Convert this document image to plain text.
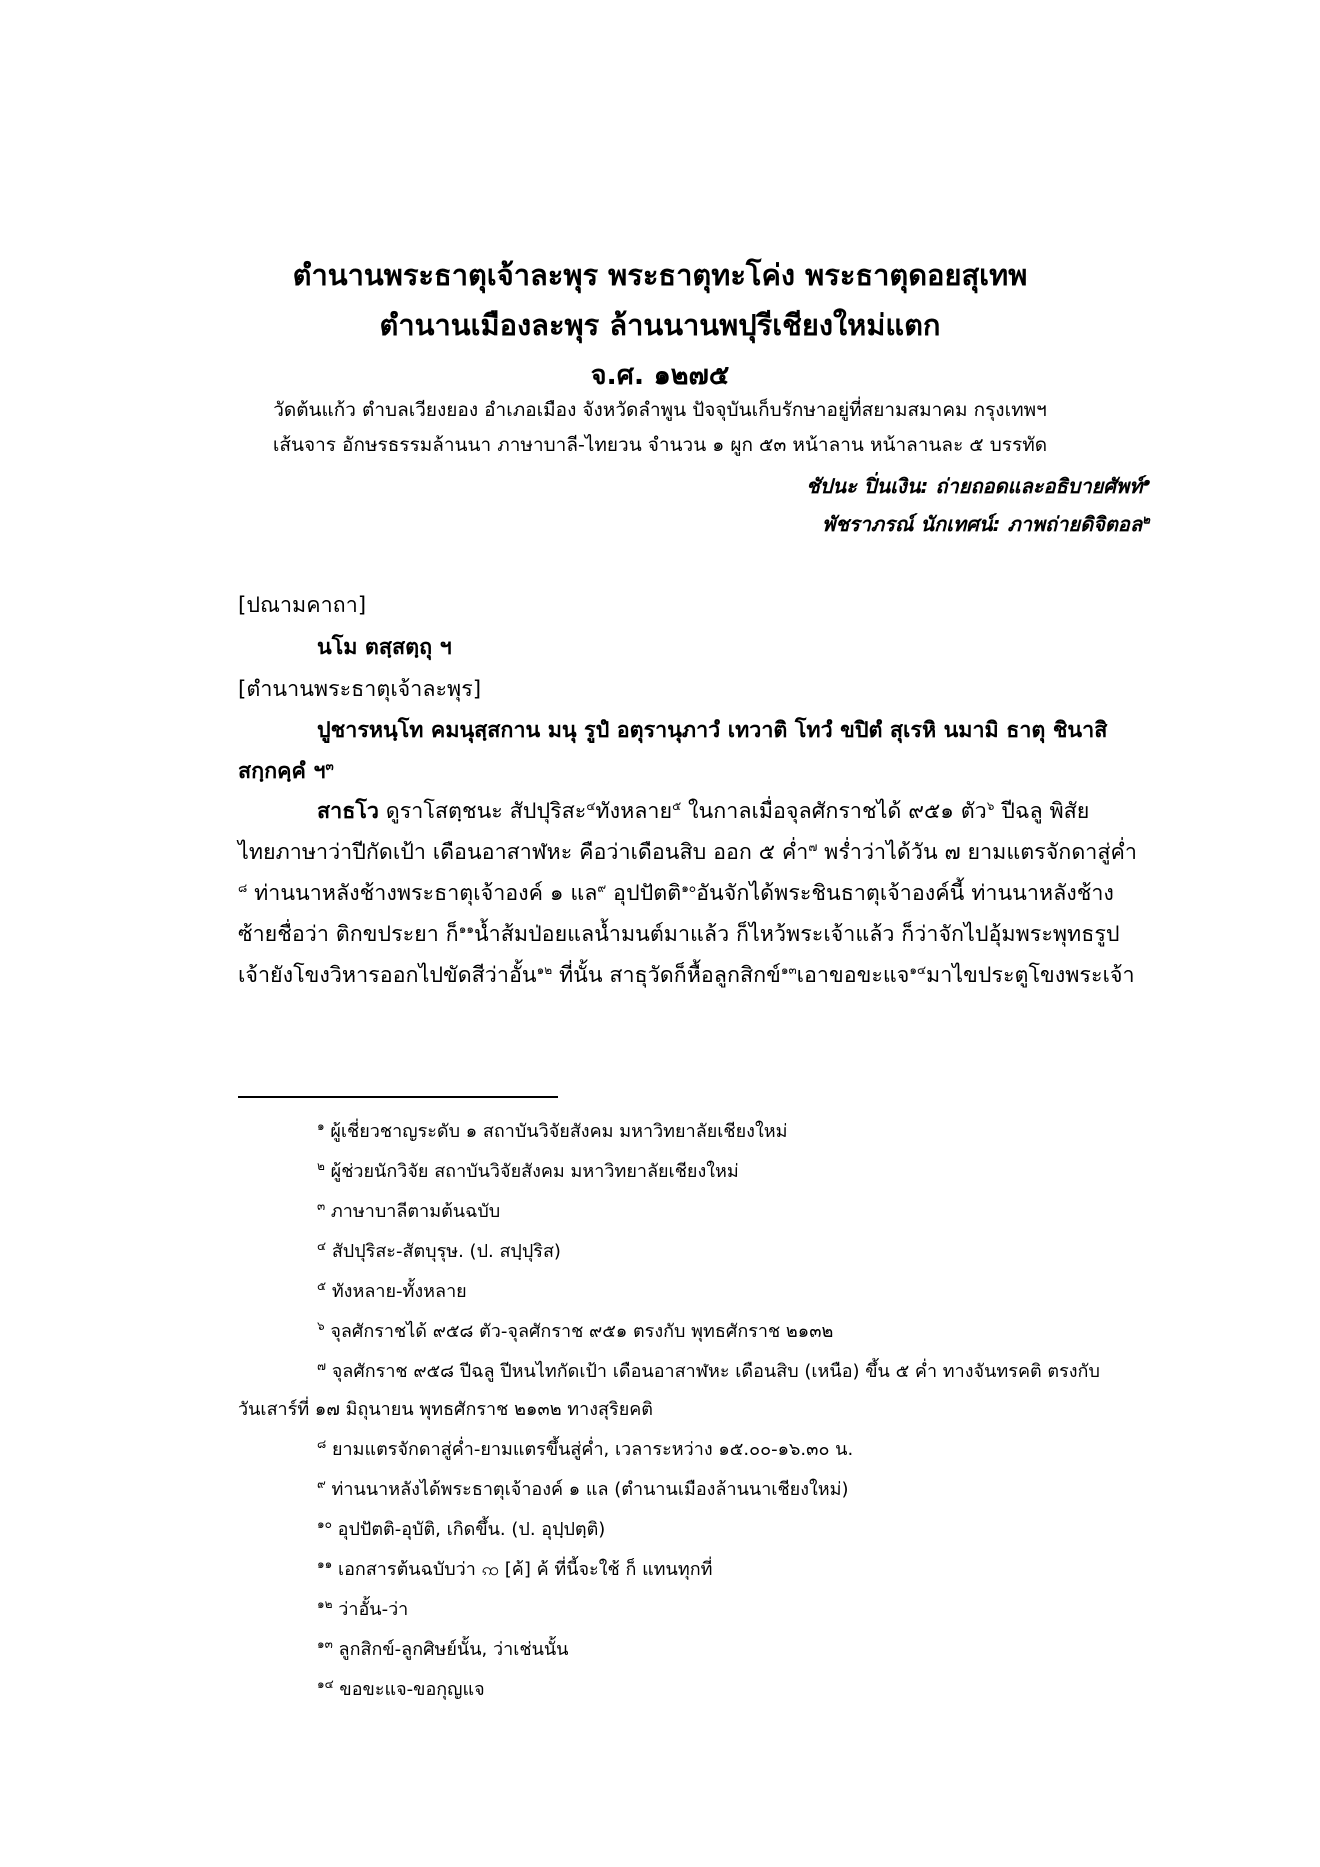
ตำนานพระธาตุเจ้าละพุร พระธาตุทะโค่ง พระธาตุดอยสุเทพ
ตำนานเมืองละพุร ล้านนานพปุรีเชียงใหม่แตก
จ.ศ. ๑๒๗๕
วัดต้นแก้ว ตำบลเวียงยอง อำเภอเมือง จังหวัดลำพูน ปัจจุบันเก็บรักษาอยู่ที่สยามสมาคม กรุงเทพฯ
เส้นจาร อักษรธรรมล้านนา ภาษาบาลี-ไทยวน จำนวน ๑ ผูก ๕๓ หน้าลาน หน้าลานละ ๕ บรรทัด
ชัปนะ ปิ่นเงิน: ถ่ายถอดและอธิบายศัพท์$^๑$
พัชราภรณ์ นักเทศน์: ภาพถ่ายดิจิตอล$^๒$
[ปณามคาถา]
นโม ตสฺสตฺถุ ฯ
[ตำนานพระธาตุเจ้าละพุร]
ปูชารหนฺโท คมนุสฺสกาน มนุ รูปํ อตุรานุภาวํ เทวาติ โทวํ ขปิตํ สุเรหิ นมามิ ธาตุ ชินาสิ
สกฺกคฺคํ ฯ$^๓$
สาธโว ดูราโสตฺชนะ สัปปุริสะ$^๔$ทังหลาย$^๕$ ในกาลเมื่อจุลศักราชได้ ๙๕๑ ตัว$^๖$ ปีฉลู พิสัย
ไทยภาษาว่าปีกัดเป้า เดือนอาสาฬหะ คือว่าเดือนสิบ ออก ๕ ค่ำ$^๗$ พร่ำว่าได้วัน ๗ ยามแตรจักดาสู่ค่ำ
$^๘$ ท่านนาหลังช้างพระธาตุเจ้าองค์ ๑ แล$^๙$ อุปปัตติ$^{๑๐}$อันจักได้พระชินธาตุเจ้าองค์นี้ ท่านนาหลังช้าง
ซ้ายชื่อว่า ติกขประยา ก็$^{๑๑}$น้ำส้มป่อยแลน้ำมนต์มาแล้ว ก็ไหว้พระเจ้าแล้ว ก็ว่าจักไปอุ้มพระพุทธรูป
เจ้ายังโขงวิหารออกไปขัดสีว่าอั้น$^{๑๒}$ ที่นั้น สาธุวัดก็หื้อลูกสิกข์$^{๑๓}$เอาขอขะแจ$^{๑๔}$มาไขประตูโขงพระเจ้า
$^๑$ ผู้เชี่ยวชาญระดับ ๑ สถาบันวิจัยสังคม มหาวิทยาลัยเชียงใหม่
$^๒$ ผู้ช่วยนักวิจัย สถาบันวิจัยสังคม มหาวิทยาลัยเชียงใหม่
$^๓$ ภาษาบาลีตามต้นฉบับ
$^๔$ สัปปุริสะ-สัตบุรุษ. (ป. สปฺปุริส)
$^๕$ ทังหลาย-ทั้งหลาย
$^๖$ จุลศักราชได้ ๙๕๘ ตัว-จุลศักราช ๙๕๑ ตรงกับ พุทธศักราช ๒๑๓๒
$^๗$ จุลศักราช ๙๕๘ ปีฉลู ปีหนไทกัดเป้า เดือนอาสาฬหะ เดือนสิบ (เหนือ) ขึ้น ๕ ค่ำ ทางจันทรคติ ตรงกับ
วันเสาร์ที่ ๑๗ มิถุนายน พุทธศักราช ๒๑๓๒ ทางสุริยคติ
$^๘$ ยามแตรจักดาสู่ค่ำ-ยามแตรขึ้นสู่ค่ำ, เวลาระหว่าง ๑๕.๐๐-๑๖.๓๐ น.
$^๙$ ท่านนาหลังได้พระธาตุเจ้าองค์ ๑ แล (ตำนานเมืองล้านนาเชียงใหม่)
$^{๑๐}$ อุปปัตติ-อุบัติ, เกิดขึ้น. (ป. อุปฺปตฺติ)
$^{๑๑}$ เอกสารต้นฉบับว่า ꩡ [ค้] ค้ ที่นี้จะใช้ ก็ แทนทุกที่
$^{๑๒}$ ว่าอั้น-ว่า
$^{๑๓}$ ลูกสิกข์-ลูกศิษย์นั้น, ว่าเช่นนั้น
$^{๑๔}$ ขอขะแจ-ขอกุญแจ
